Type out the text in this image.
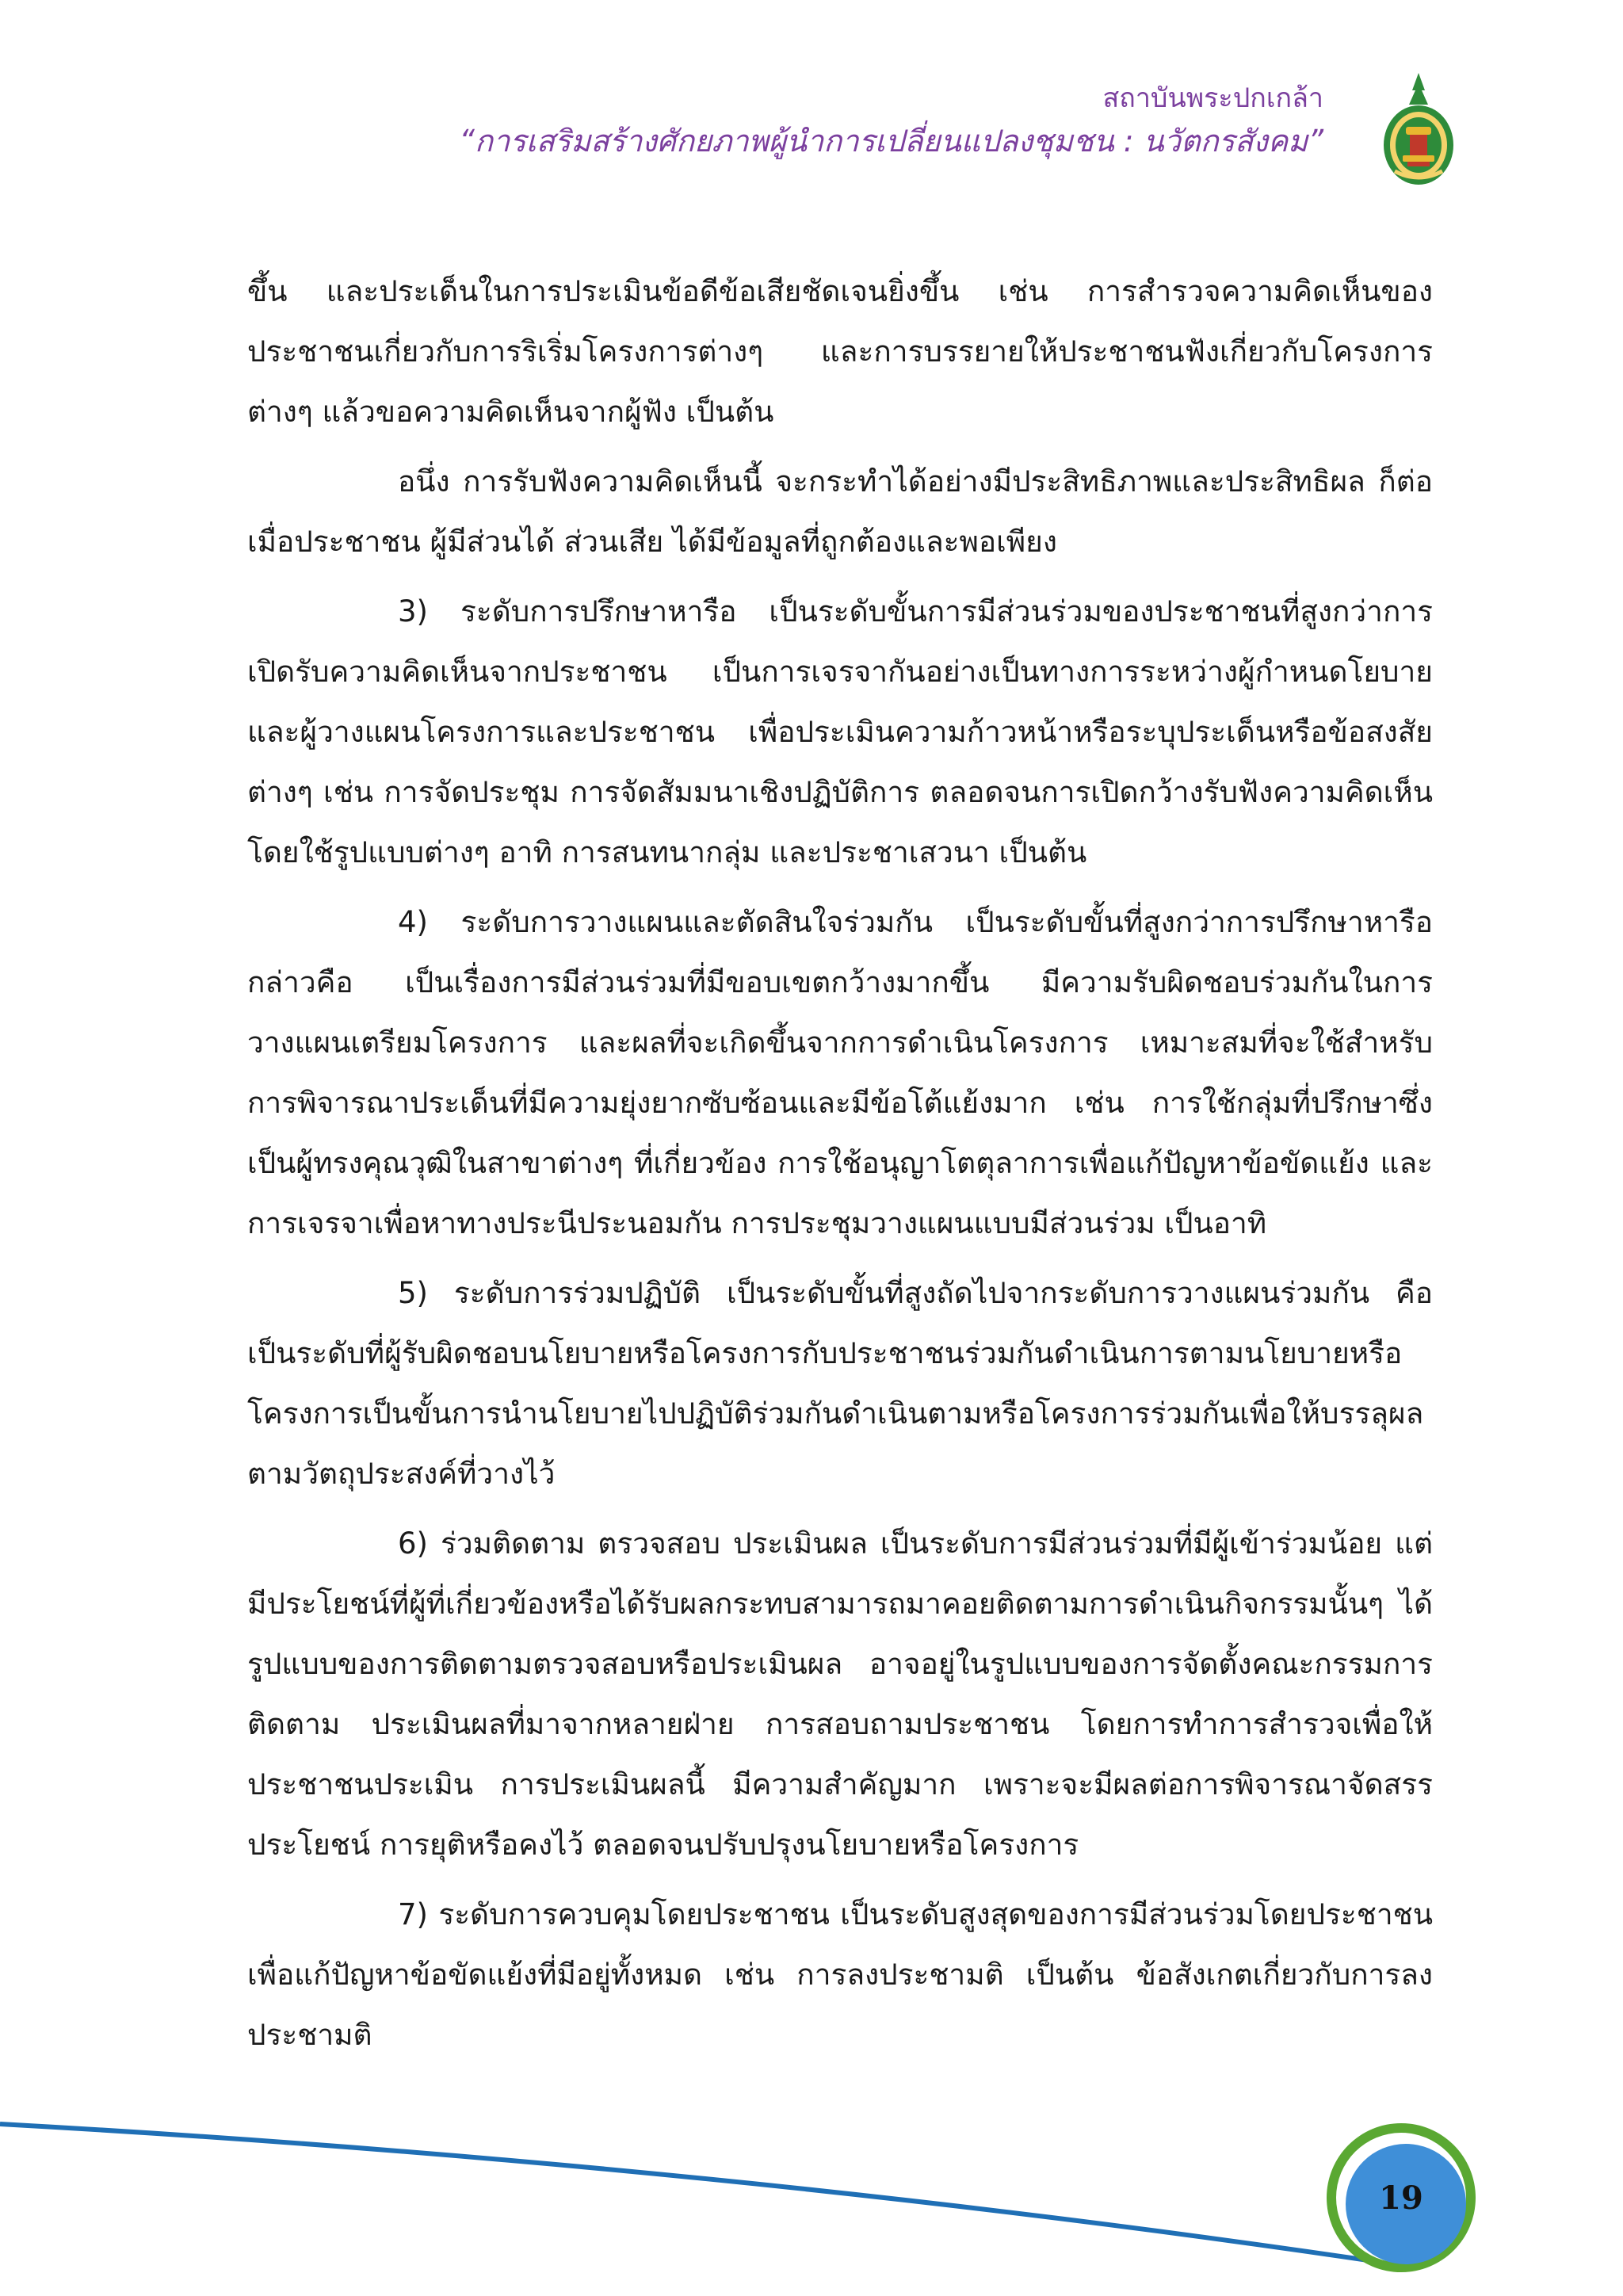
สถาบันพระปกเกล้า
“การเสริมสร้างศักยภาพผู้นำการเปลี่ยนแปลงชุมชน : นวัตกรสังคม”

ขึ้น และประเด็นในการประเมินข้อดีข้อเสียชัดเจนยิ่งขึ้น เช่น การสำรวจความคิดเห็นของประชาชนเกี่ยวกับการริเริ่มโครงการต่างๆ และการบรรยายให้ประชาชนฟังเกี่ยวกับโครงการต่างๆ แล้วขอความคิดเห็นจากผู้ฟัง เป็นต้น

อนึ่ง การรับฟังความคิดเห็นนี้ จะกระทำได้อย่างมีประสิทธิภาพและประสิทธิผล ก็ต่อเมื่อประชาชน ผู้มีส่วนได้ ส่วนเสีย ได้มีข้อมูลที่ถูกต้องและพอเพียง

3) ระดับการปรึกษาหารือ เป็นระดับขั้นการมีส่วนร่วมของประชาชนที่สูงกว่าการเปิดรับความคิดเห็นจากประชาชน เป็นการเจรจากันอย่างเป็นทางการระหว่างผู้กำหนดโยบายและผู้วางแผนโครงการและประชาชน เพื่อประเมินความก้าวหน้าหรือระบุประเด็นหรือข้อสงสัยต่างๆ เช่น การจัดประชุม การจัดสัมมนาเชิงปฏิบัติการ ตลอดจนการเปิดกว้างรับฟังความคิดเห็น โดยใช้รูปแบบต่างๆ อาทิ การสนทนากลุ่ม และประชาเสวนา เป็นต้น

4) ระดับการวางแผนและตัดสินใจร่วมกัน เป็นระดับขั้นที่สูงกว่าการปรึกษาหารือ กล่าวคือ เป็นเรื่องการมีส่วนร่วมที่มีขอบเขตกว้างมากขึ้น มีความรับผิดชอบร่วมกันในการวางแผนเตรียมโครงการ และผลที่จะเกิดขึ้นจากการดำเนินโครงการ เหมาะสมที่จะใช้สำหรับการพิจารณาประเด็นที่มีความยุ่งยากซับซ้อนและมีข้อโต้แย้งมาก เช่น การใช้กลุ่มที่ปรึกษาซึ่งเป็นผู้ทรงคุณวุฒิในสาขาต่างๆ ที่เกี่ยวข้อง การใช้อนุญาโตตุลาการเพื่อแก้ปัญหาข้อขัดแย้ง และการเจรจาเพื่อหาทางประนีประนอมกัน การประชุมวางแผนแบบมีส่วนร่วม เป็นอาทิ

5) ระดับการร่วมปฏิบัติ เป็นระดับขั้นที่สูงถัดไปจากระดับการวางแผนร่วมกัน คือ เป็นระดับที่ผู้รับผิดชอบนโยบายหรือโครงการกับประชาชนร่วมกันดำเนินการตามนโยบายหรือโครงการเป็นขั้นการนำนโยบายไปปฏิบัติร่วมกันดำเนินตามหรือโครงการร่วมกันเพื่อให้บรรลุผลตามวัตถุประสงค์ที่วางไว้

6) ร่วมติดตาม ตรวจสอบ ประเมินผล เป็นระดับการมีส่วนร่วมที่มีผู้เข้าร่วมน้อย แต่มีประโยชน์ที่ผู้ที่เกี่ยวข้องหรือได้รับผลกระทบสามารถมาคอยติดตามการดำเนินกิจกรรมนั้นๆ ได้ รูปแบบของการติดตามตรวจสอบหรือประเมินผล อาจอยู่ในรูปแบบของการจัดตั้งคณะกรรมการติดตาม ประเมินผลที่มาจากหลายฝ่าย การสอบถามประชาชน โดยการทำการสำรวจเพื่อให้ประชาชนประเมิน การประเมินผลนี้ มีความสำคัญมาก เพราะจะมีผลต่อการพิจารณาจัดสรรประโยชน์ การยุติหรือคงไว้ ตลอดจนปรับปรุงนโยบายหรือโครงการ

7) ระดับการควบคุมโดยประชาชน เป็นระดับสูงสุดของการมีส่วนร่วมโดยประชาชนเพื่อแก้ปัญหาข้อขัดแย้งที่มีอยู่ทั้งหมด เช่น การลงประชามติ เป็นต้น ข้อสังเกตเกี่ยวกับการลงประชามติ

19
